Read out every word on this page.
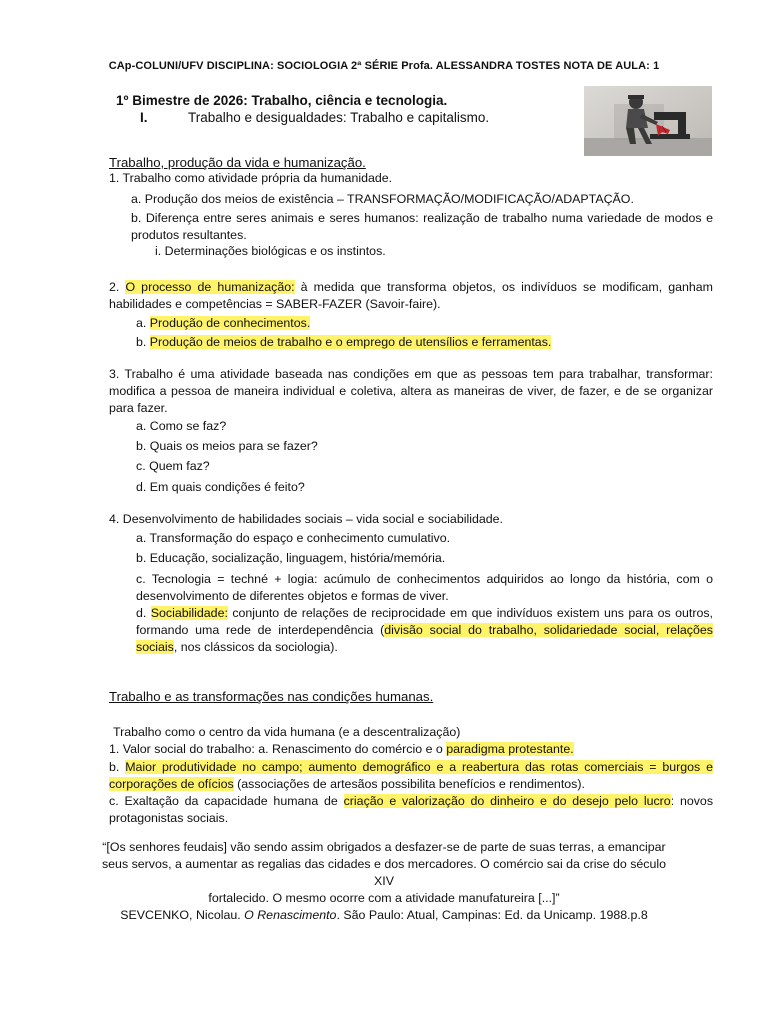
CAp-COLUNI/UFV DISCIPLINA: SOCIOLOGIA 2ª SÉRIE Profa. ALESSANDRA TOSTES NOTA DE AULA: 1
1º Bimestre de 2026: Trabalho, ciência e tecnologia.
I.	Trabalho e desigualdades: Trabalho e capitalismo.
Trabalho, produção da vida e humanização.
1. Trabalho como atividade própria da humanidade.
a. Produção dos meios de existência – TRANSFORMAÇÃO/MODIFICAÇÃO/ADAPTAÇÃO.
b. Diferença entre seres animais e seres humanos: realização de trabalho numa variedade de modos e produtos resultantes.
i. Determinações biológicas e os instintos.
2. O processo de humanização: à medida que transforma objetos, os indivíduos se modificam, ganham habilidades e competências = SABER-FAZER (Savoir-faire).
a. Produção de conhecimentos.
b. Produção de meios de trabalho e o emprego de utensílios e ferramentas.
3. Trabalho é uma atividade baseada nas condições em que as pessoas tem para trabalhar, transformar: modifica a pessoa de maneira individual e coletiva, altera as maneiras de viver, de fazer, e de se organizar para fazer.
a. Como se faz?
b. Quais os meios para se fazer?
c. Quem faz?
d. Em quais condições é feito?
4. Desenvolvimento de habilidades sociais – vida social e sociabilidade.
a. Transformação do espaço e conhecimento cumulativo.
b. Educação, socialização, linguagem, história/memória.
c. Tecnologia = techné + logia: acúmulo de conhecimentos adquiridos ao longo da história, com o desenvolvimento de diferentes objetos e formas de viver.
d. Sociabilidade: conjunto de relações de reciprocidade em que indivíduos existem uns para os outros, formando uma rede de interdependência (divisão social do trabalho, solidariedade social, relações sociais, nos clássicos da sociologia).
Trabalho e as transformações nas condições humanas.
Trabalho como o centro da vida humana (e a descentralização)
1. Valor social do trabalho: a. Renascimento do comércio e o paradigma protestante.
b. Maior produtividade no campo; aumento demográfico e a reabertura das rotas comerciais = burgos e corporações de ofícios (associações de artesãos possibilita benefícios e rendimentos).
c. Exaltação da capacidade humana de criação e valorização do dinheiro e do desejo pelo lucro: novos protagonistas sociais.
“[Os senhores feudais] vão sendo assim obrigados a desfazer-se de parte de suas terras, a emancipar
seus servos, a aumentar as regalias das cidades e dos mercadores. O comércio sai da crise do século XIV
fortalecido. O mesmo ocorre com a atividade manufatureira [...]”
SEVCENKO, Nicolau. O Renascimento. São Paulo: Atual, Campinas: Ed. da Unicamp. 1988.p.8
